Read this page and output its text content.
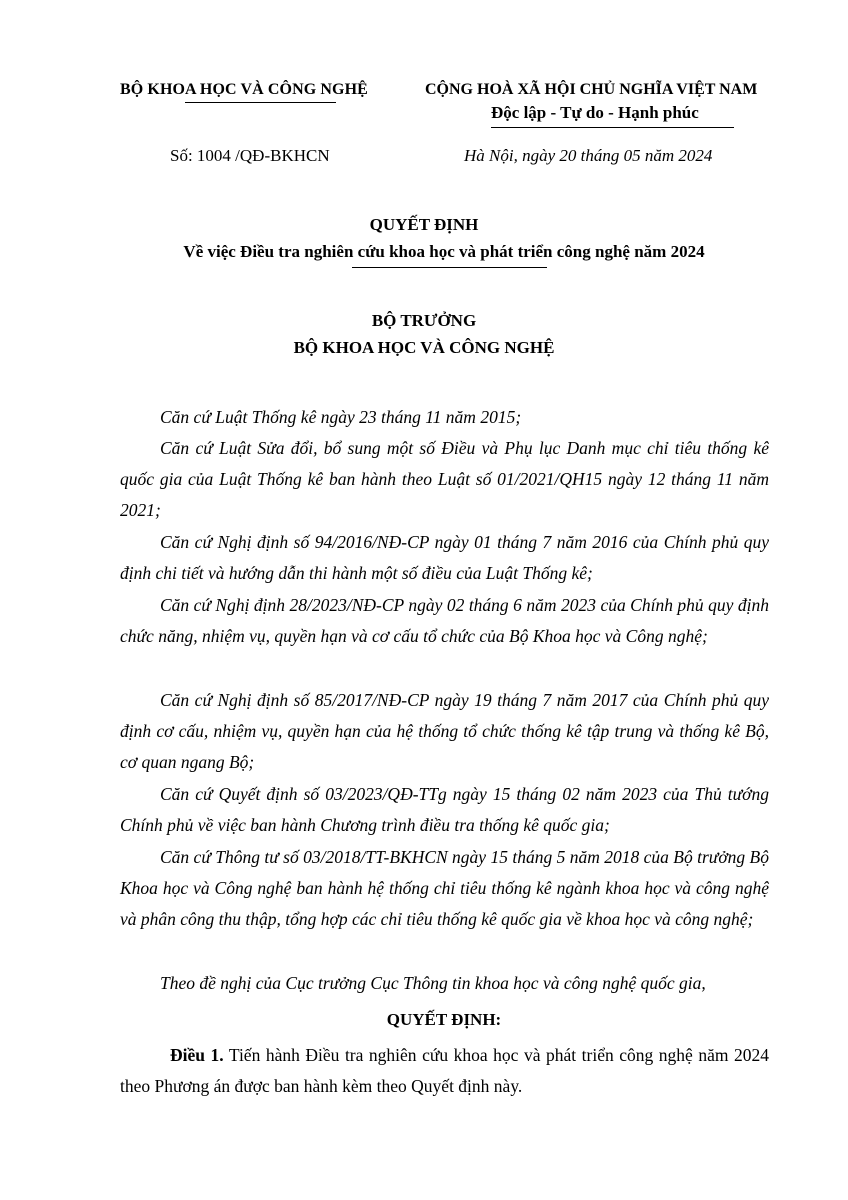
BỘ KHOA HỌC VÀ CÔNG NGHỆ	CỘNG HOÀ XÃ HỘI CHỦ NGHĨA VIỆT NAM
Độc lập - Tự do - Hạnh phúc
Số: 1004 /QĐ-BKHCN	Hà Nội, ngày 20 tháng 05 năm 2024
QUYẾT ĐỊNH
Về việc Điều tra nghiên cứu khoa học và phát triển công nghệ năm 2024
BỘ TRƯỞNG
BỘ KHOA HỌC VÀ CÔNG NGHỆ

Căn cứ Luật Thống kê ngày 23 tháng 11 năm 2015;

Căn cứ Luật Sửa đổi, bổ sung một số Điều và Phụ lục Danh mục chỉ tiêu thống kê quốc gia của Luật Thống kê ban hành theo Luật số 01/2021/QH15 ngày 12 tháng 11 năm 2021;

Căn cứ Nghị định số 94/2016/NĐ-CP ngày 01 tháng 7 năm 2016 của Chính phủ quy định chi tiết và hướng dẫn thi hành một số điều của Luật Thống kê;

Căn cứ Nghị định 28/2023/NĐ-CP ngày 02 tháng 6 năm 2023 của Chính phủ quy định chức năng, nhiệm vụ, quyền hạn và cơ cấu tổ chức của Bộ Khoa học và Công nghệ;

Căn cứ Nghị định số 85/2017/NĐ-CP ngày 19 tháng 7 năm 2017 của Chính phủ quy định cơ cấu, nhiệm vụ, quyền hạn của hệ thống tổ chức thống kê tập trung và thống kê Bộ, cơ quan ngang Bộ;

Căn cứ Quyết định số 03/2023/QĐ-TTg ngày 15 tháng 02 năm 2023 của Thủ tướng Chính phủ về việc ban hành Chương trình điều tra thống kê quốc gia;

Căn cứ Thông tư số 03/2018/TT-BKHCN ngày 15 tháng 5 năm 2018 của Bộ trưởng Bộ Khoa học và Công nghệ ban hành hệ thống chỉ tiêu thống kê ngành khoa học và công nghệ và phân công thu thập, tổng hợp các chỉ tiêu thống kê quốc gia về khoa học và công nghệ;

Theo đề nghị của Cục trưởng Cục Thông tin khoa học và công nghệ quốc gia,

QUYẾT ĐỊNH:

Điều 1. Tiến hành Điều tra nghiên cứu khoa học và phát triển công nghệ năm 2024 theo Phương án được ban hành kèm theo Quyết định này.
